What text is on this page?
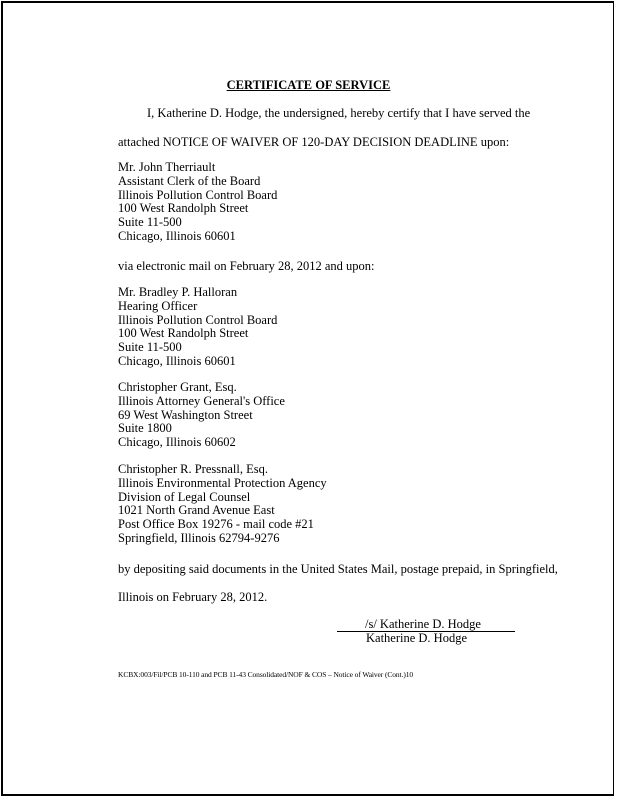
CERTIFICATE OF SERVICE
I, Katherine D. Hodge, the undersigned, hereby certify that I have served the
attached NOTICE OF WAIVER OF 120-DAY DECISION DEADLINE upon:
Mr. John Therriault
Assistant Clerk of the Board
Illinois Pollution Control Board
100 West Randolph Street
Suite 11-500
Chicago, Illinois 60601
via electronic mail on February 28, 2012 and upon:
Mr. Bradley P. Halloran
Hearing Officer
Illinois Pollution Control Board
100 West Randolph Street
Suite 11-500
Chicago, Illinois 60601
Christopher Grant, Esq.
Illinois Attorney General's Office
69 West Washington Street
Suite 1800
Chicago, Illinois 60602
Christopher R. Pressnall, Esq.
Illinois Environmental Protection Agency
Division of Legal Counsel
1021 North Grand Avenue East
Post Office Box 19276 - mail code #21
Springfield, Illinois 62794-9276
by depositing said documents in the United States Mail, postage prepaid, in Springfield,
Illinois on February 28, 2012.
/s/ Katherine D. Hodge
Katherine D. Hodge
KCBX:003/Fil/PCB 10-110 and PCB 11-43 Consolidated/NOF & COS – Notice of Waiver (Cont.)10
